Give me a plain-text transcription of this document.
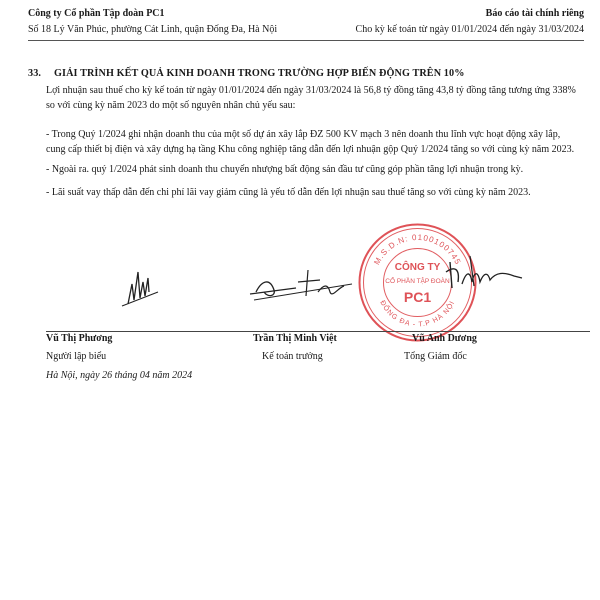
Công ty Cổ phần Tập đoàn PC1
Số 18 Lý Văn Phúc, phường Cát Linh, quận Đống Đa, Hà Nội
Báo cáo tài chính riêng
Cho kỳ kế toán từ ngày 01/01/2024 đến ngày 31/03/2024
33. GIẢI TRÌNH KẾT QUẢ KINH DOANH TRONG TRƯỜNG HỢP BIẾN ĐỘNG TRÊN 10%
Lợi nhuận sau thuế cho kỳ kế toán từ ngày 01/01/2024 đến ngày 31/03/2024 là 56,8 tỷ đồng tăng 43,8 tỷ đồng tăng tương ứng 338% so với cùng kỳ năm 2023 do một số nguyên nhân chủ yếu sau:
- Trong Quý 1/2024 ghi nhận doanh thu của một số dự án xây lắp ĐZ 500 KV mạch 3 nên doanh thu lĩnh vực hoạt động xây lắp, cung cấp thiết bị điện và xây dựng hạ tầng Khu công nghiệp tăng dẫn đến lợi nhuận gộp Quý 1/2024 tăng so với cùng kỳ năm 2023.
- Ngoài ra. quý 1/2024 phát sinh doanh thu chuyển nhượng bất động sản đầu tư cũng góp phần tăng lợi nhuận trong kỳ.
- Lãi suất vay thấp dẫn đến chi phí lãi vay giảm cũng là yếu tố dẫn đến lợi nhuận sau thuế tăng so với cùng kỳ năm 2023.
M.S.D.N: 0100100745
ĐỐNG ĐA - T.P HÀ NỘI
CÔNG TY
CỔ PHẦN TẬP ĐOÀN
PC1
Vũ Thị Phương
Người lập biểu
Trần Thị Minh Việt
Kế toán trưởng
Vũ Anh Dương
Tổng Giám đốc
Hà Nội, ngày 26 tháng 04 năm 2024
